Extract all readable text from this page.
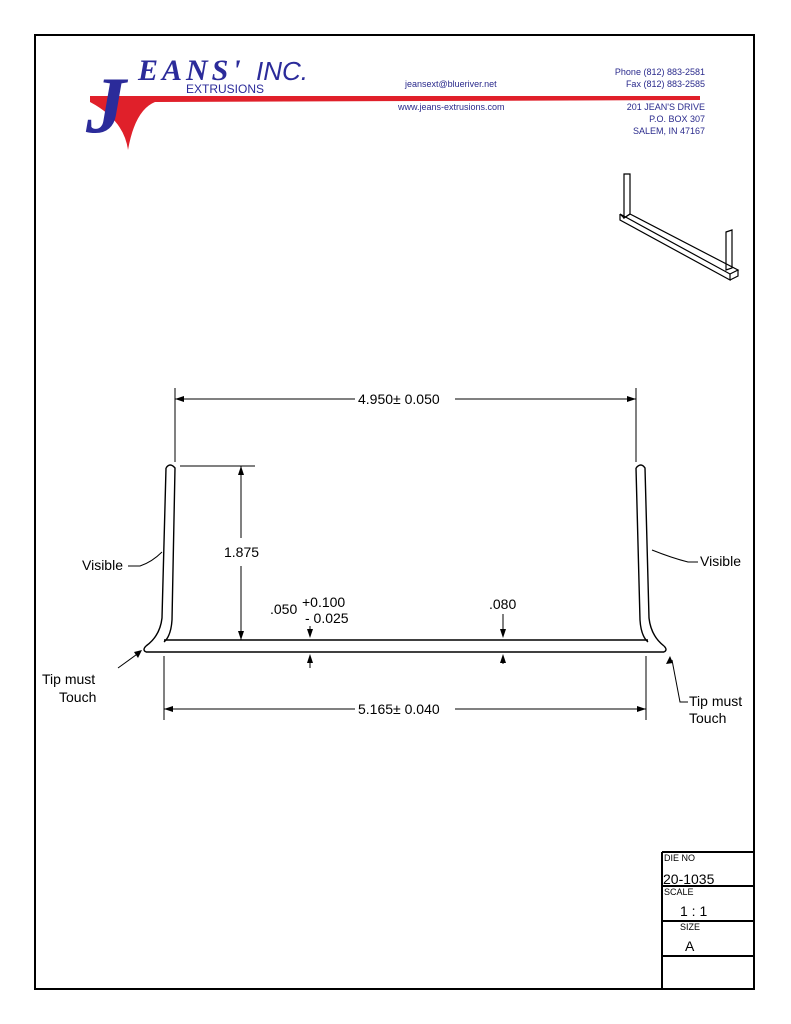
J EANS' INC.
EXTRUSIONS	jeansext@blueriver.net
www.jeans-extrusions.com
Phone (812) 883-2581
Fax (812) 883-2585
201 JEAN'S DRIVE
P.O. BOX 307
SALEM, IN 47167
4.950± 0.050
1.875
.050 +0.100
- 0.025
.080
5.165± 0.040
Visible	Visible
Tip must
Touch	Tip must
Touch
DIE NO
20-1035
SCALE
1 : 1
SIZE
A
